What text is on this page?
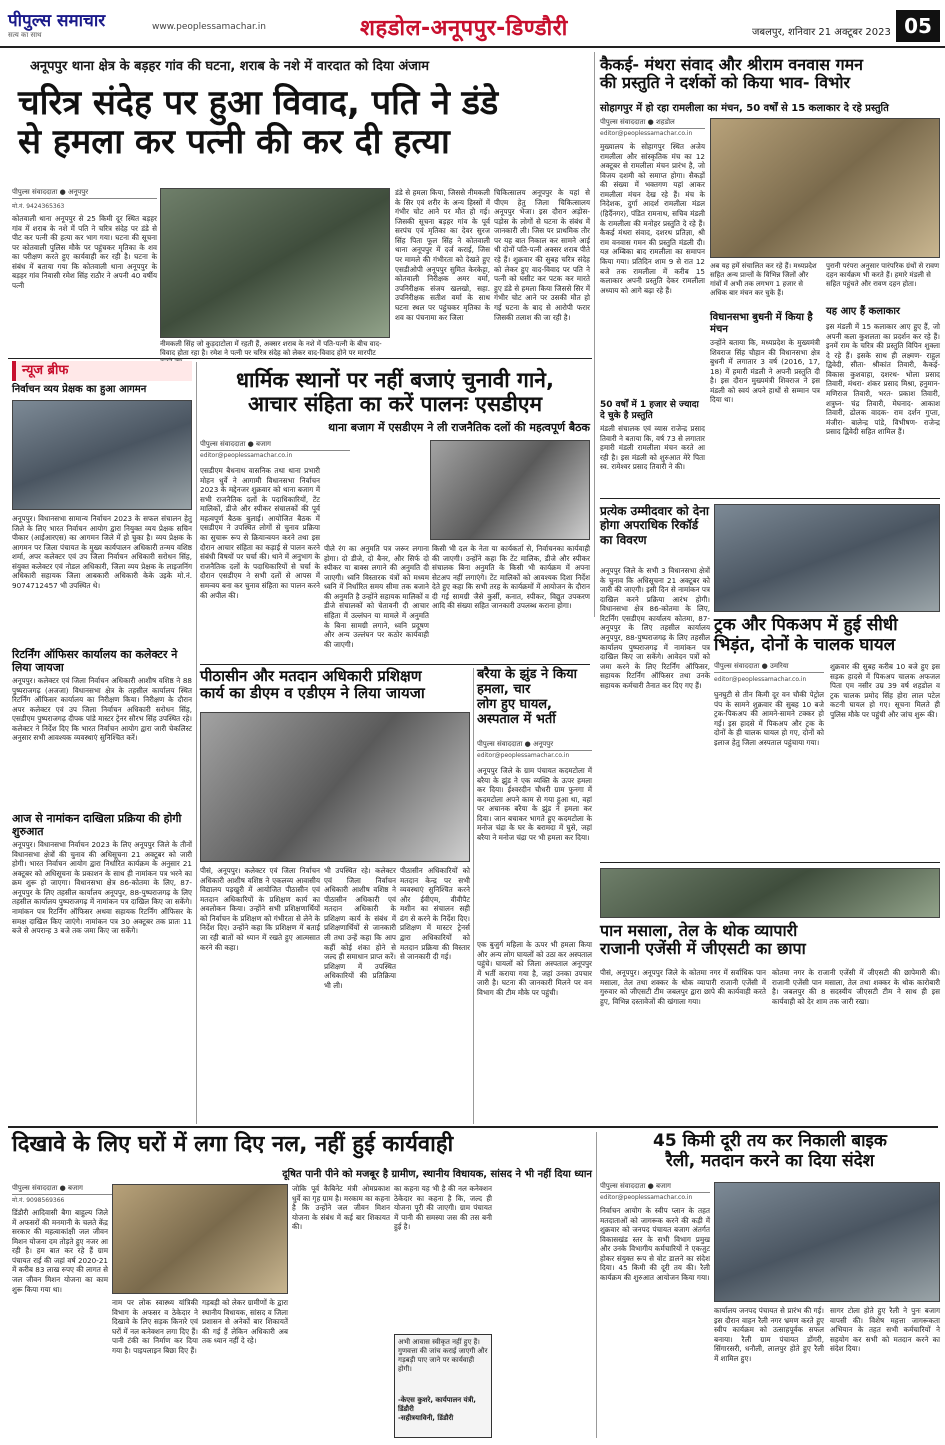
पीपुल्स समाचार
सत्य का साथ
www.peoplessamachar.in	शहडोल-अनूपपुर-डिण्डौरी	जबलपुर, शनिवार 21 अक्टूबर 2023 05
अनूपपुर थाना क्षेत्र के बड़हर गांव की घटना, शराब के नशे में वारदात को दिया अंजाम
चरित्र संदेह पर हुआ विवाद, पति ने डंडे
से हमला कर पत्नी की कर दी हत्या
पीपुल्स संवाददाता ● अनूपपुर
मो.नं. 9424365363
कोतवाली थाना अनूपपुर से 25 किमी दूर स्थित बड़हर गांव में शराब के नशे में पति ने चरित्र संदेह पर डंडे से पीट कर पत्नी की हत्या कर भाग गया। घटना की सूचना पर कोतवाली पुलिस मौके पर पहुंचकर मृतिका के शव का परीक्षण करते हुए कार्यवाही कर रही है। घटना के संबंध में बताया गया कि कोतवाली थाना अनूपपुर के बड़हर गांव निवासी रमेश सिंह राठौर ने अपनी 40 वर्षीय पत्नी
नीमकली सिंह जो कुड़दाटोला में रहती हैं, अक्सर शराब के नशे में पति-पत्नी के बीच वाद-विवाद होता रहा है। रमेश ने पत्नी पर चरित्र संदेह को लेकर वाद-विवाद होने पर मारपीट
डंडे से हमला किया, जिससे नीमकली के सिर एवं शरीर के अन्य हिस्सों में गंभीर चोट आने पर मौत हो गई। जिसकी सूचना बड़हर गांव के पूर्व सरपंच एवं मृतिका का देवर सुरज सिंह पिता फूल सिंह ने कोतवाली थाना अनूपपुर में दर्ज कराई, जिस पर मामले की गंभीरता को देखते हुए एसडीओपी अनूपपुर सुमित केरकेट्टा, कोतवाली निरीक्षक अमर वर्मा, उपनिरीक्षक संजय खलखो, सहा. उपनिरीक्षक सतीश वर्मा के साथ घटना स्थल पर पहुंचकर मृतिका के शव का पंचनामा कर जिला
चिकित्सालय अनूपपुर के यहां से पीएम हेतु जिला चिकित्सालय अनूपपुर भेजा। इस दौरान अड़ोस-पड़ोस के लोगों से घटना के संबंध में जानकारी ली। जिस पर प्राथमिक तौर पर यह बात निकाल कर सामने आई थी दोनों पति-पत्नी अक्सर शराब पीते रहे हैं। शुक्रवार की सुबह चरित्र संदेह को लेकर हुए वाद-विवाद पर पति ने पत्नी को घसीट कर पटक कर मारते हुए डंडे से हमला किया जिससे सिर में गंभीर चोट आने पर उसकी मौत हो गई घटना के बाद से आरोपी फरार जिसकी तलाश की जा रही है।
कैकई- मंथरा संवाद और श्रीराम वनवास गमन
की प्रस्तुति ने दर्शकों को किया भाव- विभोर
सोहागपुर में हो रहा रामलीला का मंचन, 50 वर्षों से 15 कलाकार दे रहे प्रस्तुति
पीपुल्स संवाददाता ● शहडोल
editor@peoplessamachar.co.in
मुख्यालय के सोहागपुर स्थित अजेय रामलीला और सांस्कृतिक मंच का 12 अक्टूबर से रामलीला मंचन प्रारंभ है, जो विजय दशमी को समाप्त होगा। सैकड़ों की संख्या में भक्तगण यहां आकर रामलीला मंचन देख रहे हैं। मंच के निदेशक, दुर्गा आदर्श रामलीला मंडल (हिर्दैनगर), पंडित रामनाथ, सचिव मंडली के रामलीला की मनोहर प्रस्तुति दे रहे हैं। कैकई मंथरा संवाद, दशरथ प्रतिज्ञा, श्री राम वनवास गमन की प्रस्तुति मंडली दी। यज्ञ अम्बिका बाद रामलीला का समापन किया गया। प्रतिदिन शाम 9 से रात 12 बजे तक रामलीला में करीब 15 कलाकार अपनी प्रस्तुति देकर रामलीला अध्याय को आगे बढ़ा रहे हैं।
50 वर्षों में 1 हजार से ज्यादा दे चुके है प्रस्तुति
मंडली संचालक एवं व्यास राजेन्द्र प्रसाद तिवारी ने बताया कि, वर्ष 73 से लगातार हमारी मंडली रामलीला मंचन करते आ रही है। इस मंडली को शुरुआत मेरे पिता स्व. रामेश्वर प्रसाद तिवारी ने की।
अब यह हमें संचालित कर रहे हैं। मध्यप्रदेश सहित अन्य प्रान्तों के विभिन्न जिलों और गांवों में अभी तक लगभग 1 हजार से अधिक बार मंचन कर चुके हैं।
विधानसभा बुधनी में किया है मंचन
उन्होंने बताया कि, मध्यप्रदेश के मुख्यमंत्री शिवराज सिंह चौहान की विधानसभा क्षेत्र बुधनी में लगातार 3 वर्ष (2016, 17, 18) में हमारी मंडली ने अपनी प्रस्तुति दी है। इस दौरान मुख्यमंत्री शिवराज ने इस मंडली को स्वयं अपने हाथों से सम्मान पत्र दिया था।
पुरानी परंपरा अनुसार पारंपरिक ग्रंथों से रावण दहन कार्यक्रम भी करते हैं। हमारे मंडली से सहित पहुंचते और रावण दहन होता।
यह आए हैं कलाकार
इस मंडली में 15 कलाकार आए हुए हैं, जो अपनी कला कुशलता का प्रदर्शन कर रहे हैं। इनमें राम के चरित्र की प्रस्तुति विपिन शुक्ला दे रहे हैं। इसके साथ ही लक्ष्मण- राहुल द्विवेदी, सीता- श्रीकांत तिवारी, कैकई- विकास कुशवाहा, दशरथ- भोला प्रसाद तिवारी, मंथरा- शंकर प्रसाद मिश्रा, हनुमान- मणिराज तिवारी, भरत- प्रकाश तिवारी, शत्रुघ्न- चंद्र तिवारी, मेघनाद- आकाश तिवारी, ढोलक वादक- राम दर्शन गुप्ता, मंजीरा- बालेन्द्र पांडे, विभीषण- राजेन्द्र प्रसाद द्विवेदी सहित शामिल हैं।
न्यूज ब्रीफ
निर्वाचन व्यय प्रेक्षक का हुआ आगमन
अनूपपुर। विधानसभा सामान्य निर्वाचन 2023 के सफल संचालन हेतु जिले के लिए भारत निर्वाचन आयोग द्वारा नियुक्त व्यय प्रेक्षक सचिन पीकार (आईआरएस) का आगमन जिले में हो चुका है। व्यय प्रेक्षक के आगमन पर जिला पंचायत के मुख्य कार्यपालन अधिकारी तन्मय वशिष्ठ शर्मा, अपर कलेक्टर एवं उप जिला निर्वाचन अधिकारी सरोधन सिंह, संयुक्त कलेक्टर एवं नोडल अधिकारी, जिला व्यय प्रेक्षक के लाइजनिंग अधिकारी सहायक जिला आबकारी अधिकारी केके उइके मो.नं. 9074712457 भी उपस्थित थे।
रिटर्निंग ऑफिसर कार्यालय का कलेक्टर ने लिया जायजा
अनूपपुर। कलेक्टर एवं जिला निर्वाचन अधिकारी आशीष वशिष्ठ ने 88 पुष्पराजगढ़ (अजजा) विधानसभा क्षेत्र के तहसील कार्यालय स्थित रिटर्निंग ऑफिसर कार्यालय का निरीक्षण किया। निरीक्षण के दौरान अपर कलेक्टर एवं उप जिला निर्वाचन अधिकारी सरोधन सिंह, एसडीएम पुष्पराजगढ़ दीपक पांडे मास्टर ट्रेनर सौरभ सिंह उपस्थित रहे। कलेक्टर ने निर्देश दिए कि भारत निर्वाचन आयोग द्वारा जारी चेकलिस्ट अनुसार सभी आवश्यक व्यवस्थाएं सुनिश्चित करें।
आज से नामांकन दाखिला प्रक्रिया की होगी शुरुआत
अनूपपुर। विधानसभा निर्वाचन 2023 के लिए अनूपपुर जिले के तीनों विधानसभा क्षेत्रों की चुनाव की अधिसूचना 21 अक्टूबर को जारी होगी। भारत निर्वाचन आयोग द्वारा निर्धारित कार्यक्रम के अनुसार 21 अक्टूबर को अधिसूचना के प्रकाशन के साथ ही नामांकन पत्र भरने का क्रम शुरू हो जाएगा। विधानसभा क्षेत्र 86-कोतमा के लिए, 87-अनूपपुर के लिए तहसील कार्यालय अनूपपुर, 88-पुष्पराजगढ़ के लिए तहसील कार्यालय पुष्पराजगढ़ में नामांकन पत्र दाखिल किए जा सकेंगे। नामांकन पत्र रिटर्निंग ऑफिसर अथवा सहायक रिटर्निंग ऑफिसर के समक्ष दाखिल किए जाएंगे। नामांकन पत्र 30 अक्टूबर तक प्रातः 11 बजे से अपरान्ह 3 बजे तक जमा किए जा सकेंगे।
धार्मिक स्थानों पर नहीं बजाएं चुनावी गाने,
आचार संहिता का करें पालनः एसडीएम
थाना बजाग में एसडीएम ने ली राजनैतिक दलों की महत्वपूर्ण बैठक
पीपुल्स संवाददाता ● बजाग
editor@peoplessamachar.co.in
एसडीएम बैधनाथ वासनिक तथा थाना प्रभारी मोहन धुर्वे ने आगामी विधानसभा निर्वाचन 2023 के मद्देनजर शुक्रवार को थाना बजाग में सभी राजनैतिक दलों के पदाधिकारियों, टेंट मालिकों, डीजे और स्पीकर संचालकों की पूर्व महत्वपूर्ण बैठक बुलाई। आयोजित बैठक में एसडीएम ने उपस्थित लोगों से चुनाव प्रक्रिया का सुचारू रूप से क्रियान्वयन करने तथा इस दौरान आचार संहिता का कड़ाई से पालन करने संबंधी विषयों पर चर्चा की। थाने में अनुभाग के राजनैतिक दलों के पदाधिकारियों से चर्चा के दौरान एसडीएम ने सभी दलों से आपस में समन्वय बना कर चुनाव संहिता का पालन करने की अपील की।
पीले रंग का अनुमति पत्र जरूर लगाना होगा। दो डीजे, दो बैनर, और सिर्फ दो स्पीकर या बाक्स लगाने की अनुमति दी जाएगी। ध्वनि विस्तारक यंत्रों को मध्यम ध्वनि में निर्धारित समय सीमा तक बजाने की अनुमति है उन्होंने सहायक मालिकों व डीजे संचालकों को चेतावनी दी आचार संहिता में उल्लंघन या मामले में अनुमति के बिना सामग्री लगाने, ध्वनि प्रदूषण और अन्य उल्लंघन पर कठोर कार्यवाही की जाएगी।
किसी भी दल के नेता या कार्यकर्ता से, निर्वाचनका कार्यवाही की जाएगी। उन्होंने कहा कि टेंट मालिक, डीजे और स्पीकर संचालक बिना अनुमति के किसी भी कार्यक्रम में अपना सेटअप नहीं लगाएंगे। टेंट मालिकों को आवश्यक दिशा निर्देश देते हुए कहा कि सभी तरह के कार्यक्रमों में आयोजन के दौरान दी गई सामग्री जैसे कुर्सी, कनात, स्पीकर, विद्युत उपकरण आदि की संख्या सहित जानकारी उपलब्ध कराना होगा।
प्रत्येक उम्मीदवार को देना होगा अपराधिक रिकॉर्ड का विवरण
अनूपपुर जिले के सभी 3 विधानसभा क्षेत्रों के चुनाव कि अधिसूचना 21 अक्टूबर को जारी की जाएगी। इसी दिन से नामांकन पत्र दाखिल करने प्रक्रिया आरंभ होगी। विधानसभा क्षेत्र 86-कोतमा के लिए, रिटर्निंग एसडीएम कार्यालय कोतमा, 87-अनूपपुर के लिए तहसील कार्यालय अनूपपुर, 88-पुष्पराजगढ़ के लिए तहसील कार्यालय पुष्पराजगढ़ में नामांकन पत्र दाखिल किए जा सकेंगे। आवेदन पत्रों को जमा करने के लिए रिटर्निंग ऑफिसर, सहायक रिटर्निंग ऑफिसर तथा उनके सहायक कर्मचारी तैनात कर दिए गए हैं।
ट्रक और पिकअप में हुई सीधी
भिड़ंत, दोनों के चालक घायल
पीपुल्स संवाददाता ● उमरिया
editor@peoplessamachar.co.in
घुनघुटी से तीन किमी दूर वन चौकी पेट्रोल पंप के सामने शुक्रवार की सुबह 10 बजे ट्रक-पिकअप की आमने-सामने टक्कर हो गई। इस हादसे में पिकअप और ट्रक के दोनों के ही चालक घायल हो गए, दोनों को इलाज हेतु जिला अस्पताल पहुंचाया गया।
शुक्रवार की सुबह करीब 10 बजे हुए इस सड़क हादसे में पिकअप चालक अफजल पिता एम नसीर उम्र 39 वर्ष शहडोल व ट्रक चालक प्रमोद सिंह होरा लाल पटेल कटनी घायल हो गए। सूचना मिलते ही पुलिस मौके पर पहुंची और जांच शुरू की।
पीठासीन और मतदान अधिकारी प्रशिक्षण
कार्य का डीएम व एडीएम ने लिया जायजा
पीसं, अनूपपुर। कलेक्टर एवं जिला निर्वाचन अधिकारी आशीष वशिष्ठ ने एकलव्य आवासीय विद्यालय पड़खुरी में आयोजित पीठासीन एवं मतदान अधिकारियों के प्रशिक्षण कार्य का अवलोकन किया। उन्होंने सभी प्रशिक्षणार्थियों को निर्वाचन के प्रशिक्षण को गंभीरता से लेने के निर्देश दिए। उन्होंने कहा कि प्रशिक्षण में बताई जा रही बातों को ध्यान में रखते हुए आत्मसात करने की कहा।
भी उपस्थित रहे। कलेक्टर एवं जिला निर्वाचन अधिकारी आशीष वशिष्ठ ने पीठासीन अधिकारी एवं मतदान अधिकारी के प्रशिक्षण कार्य के संबंध में प्रशिक्षणार्थियों से जानकारी ली तथा उन्हें कहा कि आप कहीं कोई शंका होने से जल्द ही समाधान प्राप्त करें। प्रशिक्षण में उपस्थित अधिकारियों की प्रतिक्रिया भी ली।
पीठासीन अधिकारियों को मतदान केन्द्र पर सभी व्यवस्थाएं सुनिश्चित करने और ईवीएम, वीवीपैट मशीन का संचालन सही ढंग से करने के निर्देश दिए। प्रशिक्षण में मास्टर ट्रेनर्स द्वारा अधिकारियों को मतदान प्रक्रिया की विस्तार से जानकारी दी गई।
बरैया के झुंड ने किया हमला, चार
लोग हुए घायल, अस्पताल में भर्ती
पीपुल्स संवाददाता ● अनूपपुर
editor@peoplessamachar.co.in
अनूपपुर जिले के ग्राम पंचायत कदमटोला में बरैया के झुंड ने एक व्यक्ति के ऊपर हमला कर दिया। ईश्वरदीन चौधरी ग्राम फुनगा में कदमटोला अपने काम से गया हुआ था, वहां पर अचानक बरैया के झुंड ने हमला कर दिया। जान बचाकर भागते हुए कदमटोला के मनोज चंद्रा के घर के बरामदा में घुसे, जहां बरैया ने मनोज चंद्रा पर भी हमला कर दिया।
एक बुजुर्ग महिला के ऊपर भी हमला किया और अन्य लोग घायलों को उठा कर अस्पताल पहुंचे। घायलों को जिला अस्पताल अनूपपुर में भर्ती कराया गया है, जहां उनका उपचार जारी है। घटना की जानकारी मिलने पर वन विभाग की टीम मौके पर पहुंची।
पान मसाला, तेल के थोक व्यापारी
राजानी एजेंसी में जीएसटी का छापा
पीसं, अनूपपुर। अनूपपुर जिले के कोतमा नगर में सर्वाधिक पान मसाला, तेल तथा शक्कर के थोक व्यापारी राजानी एजेंसी में गुरुवार को जीएसटी टीम जबलपुर द्वारा छापे की कार्यवाही करते हुए, विभिन्न दस्तावेजों की खंगाला गया।
कोतमा नगर के राजानी एजेंसी में जीएसटी की छापेमारी की। राजानी एजेंसी पान मसाला, तेल तथा शक्कर के थोक कारोबारी है। जबलपुर की 8 सदस्यीय जीएसटी टीम ने साथ ही इस कार्यवाही को देर शाम तक जारी रखा।
दिखावे के लिए घरों में लगा दिए नल, नहीं हुई कार्यवाही
दूषित पानी पीने को मजबूर है ग्रामीण, स्थानीय विधायक, सांसद ने भी नहीं दिया ध्यान
पीपुल्स संवाददाता ● बजाग
मो.नं. 9098569366
डिंडौरी आदिवासी बैगा बाहुल्य जिले में अफसरों की मनमानी के चलते केंद्र सरकार की महत्वाकांक्षी जल जीवन मिशन योजना दम तोड़ते हुए नजर आ रही है। हम बात कर रहे हैं ग्राम पंचायत राई की जहां वर्ष 2020-21 में करीब 83 लाख रुपए की लागत से जल जीवन मिशन योजना का काम शुरू किया गया था।
नाम पर लोक स्वास्थ्य यांत्रिकी विभाग के अफसर व ठेकेदार ने दिखावे के लिए सड़क किनारे एवं घरों में नल कनेक्शन लगा दिए हैं। पानी टंकी का निर्माण कर दिया गया है। पाइपलाइन बिछा दिए हैं।
गड़बड़ी को लेकर ग्रामीणों के द्वारा स्थानीय विधायक, सांसद व जिला प्रशासन से अनेकों बार शिकायतें की गई हैं लेकिन अधिकारी अब तक ध्यान नहीं दे रहे।
जोकि पूर्व कैबिनेट मंत्री ओमप्रकाश धुर्वे का गृह ग्राम है। मरकाम का कहना है कि उन्होंने जल जीवन मिशन योजना के संबंध में कई बार शिकायत की।
का कहना यह भी है की नल कनेक्शन ठेकेदार का कहना है कि, जल्द ही योजना पूरी की जाएगी। ग्राम पंचायत में पानी की समस्या जस की तस बनी हुई है।
अभी आवास स्वीकृत नहीं हुए हैं। गुणवत्ता की जांच कराई जाएगी और गड़बड़ी पाए जाने पर कार्यवाही होगी।
-केएस कुशरे, कार्यपालन यंत्री, डिंडौरी
-सहीत्रयाविनी, डिंडौरी
45 किमी दूरी तय कर निकाली बाइक
रैली, मतदान करने का दिया संदेश
पीपुल्स संवाददाता ● बजाग
editor@peoplessamachar.co.in
निर्वाचन आयोग के स्वीप प्लान के तहत मतदाताओं को जागरूक करने की कड़ी में शुक्रवार को जनपद पंचायत बजाग अंतर्गत विकासखंड स्तर के सभी विभाग प्रमुख और उनके विभागीय कर्मचारियों ने एकजुट होकर संयुक्त रूप से वोट डालने का संदेश दिया। 45 किमी की दूरी तय की। रैली कार्यक्रम की शुरुआत आयोजन किया गया।
कार्यालय जनपद पंचायत से प्रारंभ की गई। इस दौरान वाहन रैली नगर भ्रमण करते हुए स्वीप कार्यक्रम को उत्साहपूर्वक सफल बनाया। रैली ग्राम पंचायत डोंगरी, सिंगारसरी, धनौली, लालपुर होते हुए रैली में शामिल हुए।
सागर टोला होते हुए रैली ने पुनः बजाग वापसी की। विशेष महत्ता जागरूकता अभियान के तहत सभी कर्मचारियों ने सहयोग कर सभी को मतदान करने का संदेश दिया।
